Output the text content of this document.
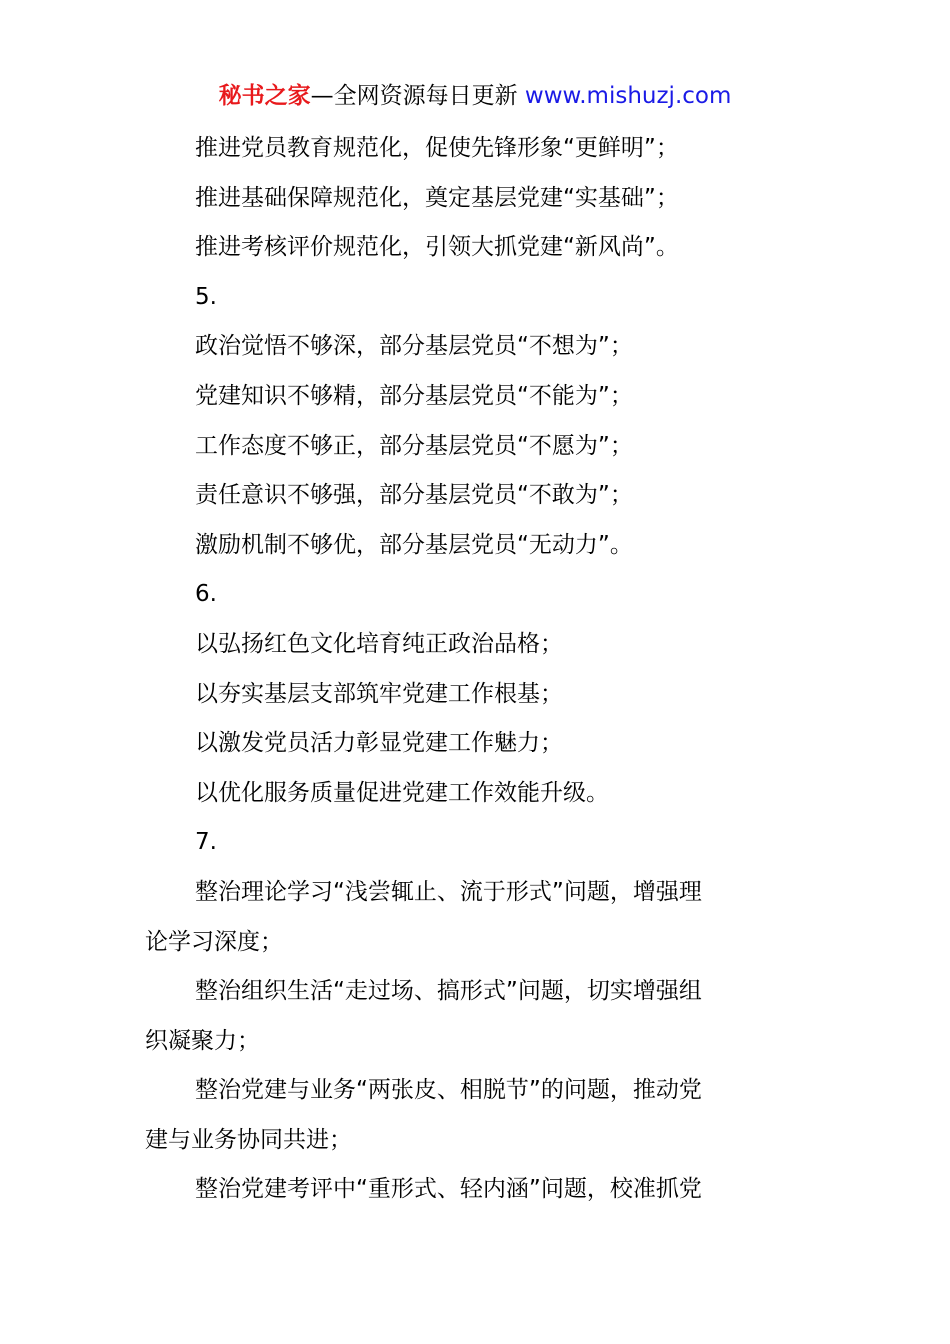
秘书之家—全网资源每日更新 www.mishuzj.com
推进党员教育规范化，促使先锋形象“更鲜明”；
推进基础保障规范化，奠定基层党建“实基础”；
推进考核评价规范化，引领大抓党建“新风尚”。
5.
政治觉悟不够深，部分基层党员“不想为”；
党建知识不够精，部分基层党员“不能为”；
工作态度不够正，部分基层党员“不愿为”；
责任意识不够强，部分基层党员“不敢为”；
激励机制不够优，部分基层党员“无动力”。
6.
以弘扬红色文化培育纯正政治品格；
以夯实基层支部筑牢党建工作根基；
以激发党员活力彰显党建工作魅力；
以优化服务质量促进党建工作效能升级。
7.
整治理论学习“浅尝辄止、流于形式”问题，增强理
论学习深度；
整治组织生活“走过场、搞形式”问题，切实增强组
织凝聚力；
整治党建与业务“两张皮、相脱节”的问题，推动党
建与业务协同共进；
整治党建考评中“重形式、轻内涵”问题，校准抓党
